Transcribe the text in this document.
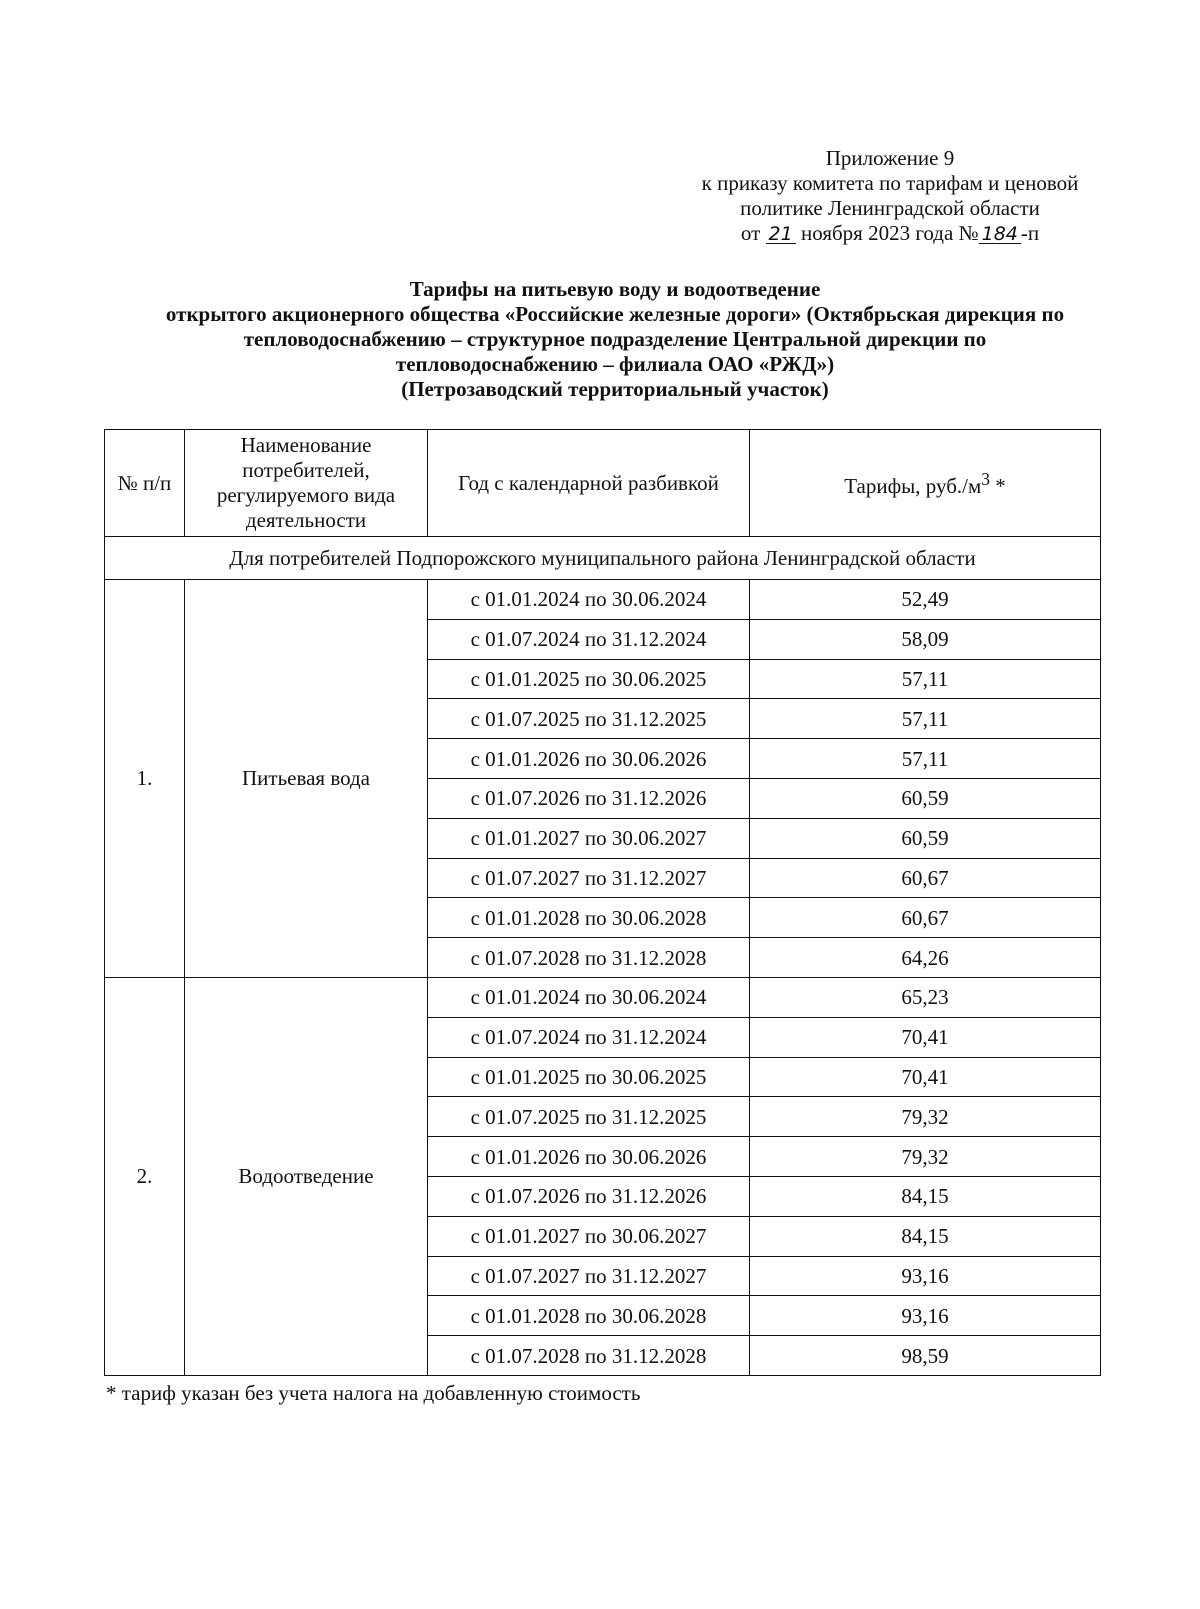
Приложение 9
к приказу комитета по тарифам и ценовой
политике Ленинградской области
от 21 ноября 2023 года № 184 -п
Тарифы на питьевую воду и водоотведение
открытого акционерного общества «Российские железные дороги» (Октябрьская дирекция по
тепловодоснабжению – структурное подразделение Центральной дирекции по
тепловодоснабжению – филиала ОАО «РЖД»)
(Петрозаводский территориальный участок)
№ п/п	Наименование потребителей, регулируемого вида деятельности	Год с календарной разбивкой	Тарифы, $руб./м^3$ *
Для потребителей Подпорожского муниципального района Ленинградской области			
1.	Питьевая вода	с 01.01.2024 по 30.06.2024	52,49
		с 01.07.2024 по 31.12.2024	58,09
		с 01.01.2025 по 30.06.2025	57,11
		с 01.07.2025 по 31.12.2025	57,11
		с 01.01.2026 по 30.06.2026	57,11
		с 01.07.2026 по 31.12.2026	60,59
		с 01.01.2027 по 30.06.2027	60,59
		с 01.07.2027 по 31.12.2027	60,67
		с 01.01.2028 по 30.06.2028	60,67
		с 01.07.2028 по 31.12.2028	64,26
2.	Водоотведение	с 01.01.2024 по 30.06.2024	65,23
		с 01.07.2024 по 31.12.2024	70,41
		с 01.01.2025 по 30.06.2025	70,41
		с 01.07.2025 по 31.12.2025	79,32
		с 01.01.2026 по 30.06.2026	79,32
		с 01.07.2026 по 31.12.2026	84,15
		с 01.01.2027 по 30.06.2027	84,15
		с 01.07.2027 по 31.12.2027	93,16
		с 01.01.2028 по 30.06.2028	93,16
		с 01.07.2028 по 31.12.2028	98,59
* тариф указан без учета налога на добавленную стоимость
